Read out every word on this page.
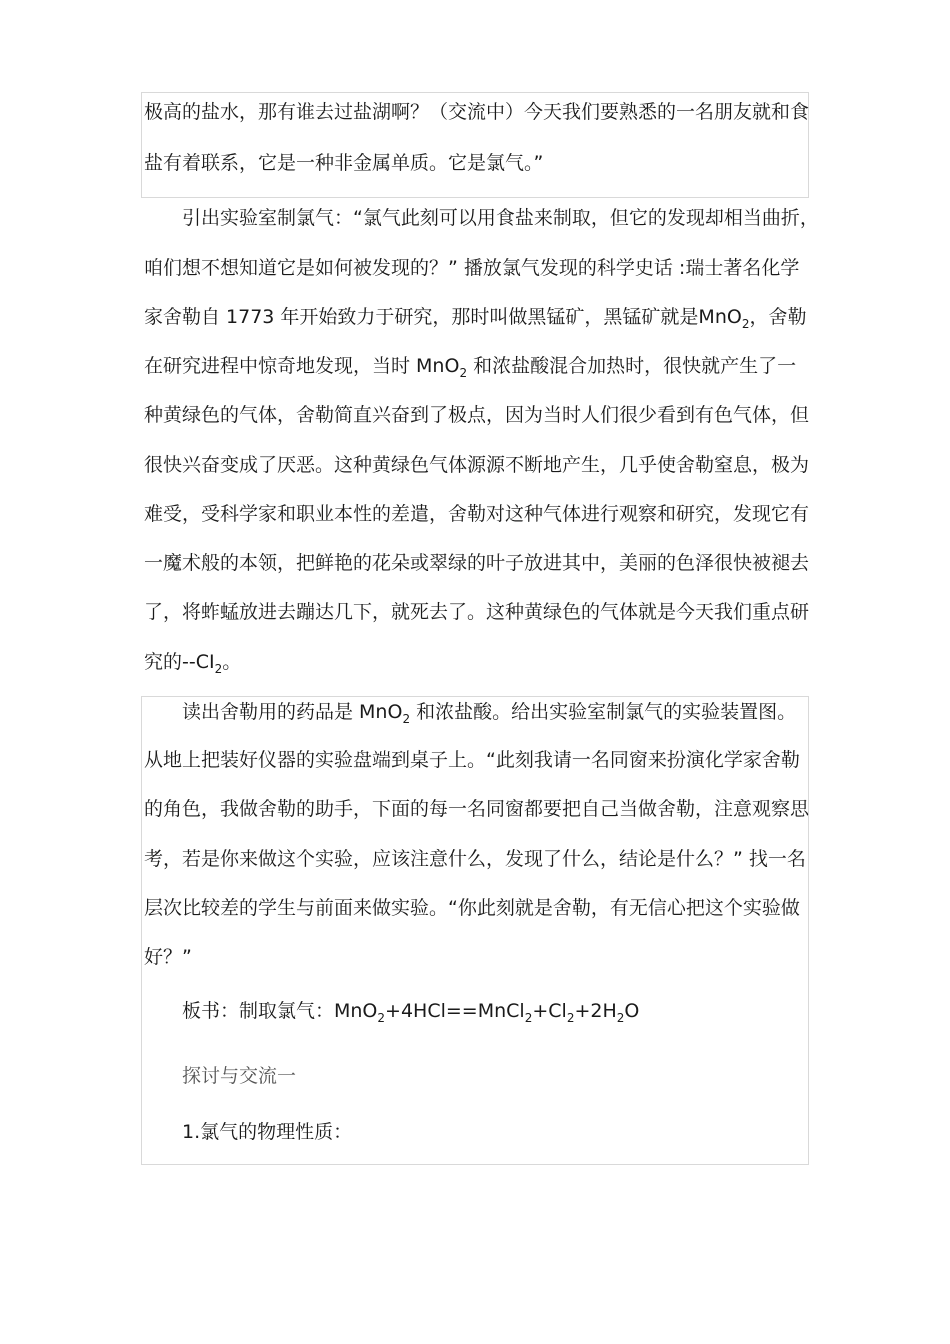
极高的盐水，那有谁去过盐湖啊？（交流中）今天我们要熟悉的一名朋友就和食
盐有着联系，它是一种非金属单质。它是氯气。”
引出实验室制氯气：“氯气此刻可以用食盐来制取，但它的发现却相当曲折，
咱们想不想知道它是如何被发现的？” 播放氯气发现的科学史话 :瑞士著名化学
家舍勒自 1773 年开始致力于研究，那时叫做黑锰矿，黑锰矿就是MnO$_2$，舍勒
在研究进程中惊奇地发现，当时 MnO$_2$ 和浓盐酸混合加热时，很快就产生了一
种黄绿色的气体，舍勒简直兴奋到了极点，因为当时人们很少看到有色气体，但
很快兴奋变成了厌恶。这种黄绿色气体源源不断地产生，几乎使舍勒窒息，极为
难受，受科学家和职业本性的差遣，舍勒对这种气体进行观察和研究，发现它有
一魔术般的本领，把鲜艳的花朵或翠绿的叶子放进其中，美丽的色泽很快被褪去
了，将蚱蜢放进去蹦达几下，就死去了。这种黄绿色的气体就是今天我们重点研
究的$--CI_2$。
读出舍勒用的药品是 MnO$_2$ 和浓盐酸。给出实验室制氯气的实验装置图。
从地上把装好仪器的实验盘端到桌子上。“此刻我请一名同窗来扮演化学家舍勒
的角色，我做舍勒的助手，下面的每一名同窗都要把自己当做舍勒，注意观察思
考，若是你来做这个实验，应该注意什么，发现了什么，结论是什么？” 找一名
层次比较差的学生与前面来做实验。“你此刻就是舍勒，有无信心把这个实验做
好？”
板书：制取氯气：$MnO_2+4HCl==MnCl_2+Cl_2+2H_2O$
探讨与交流一
1.氯气的物理性质：
